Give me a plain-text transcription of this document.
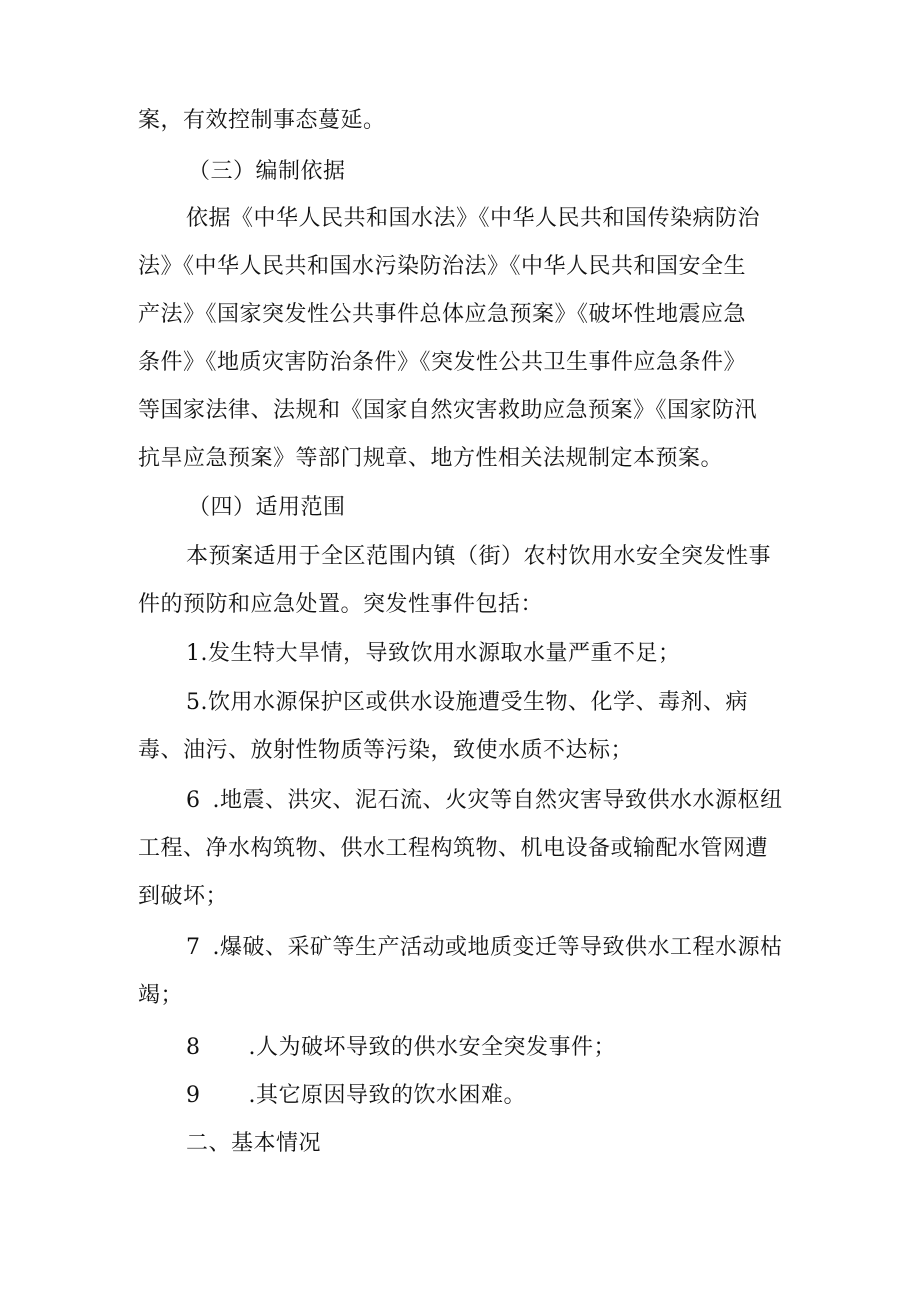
案，有效控制事态蔓延。
（三）编制依据
依据《中华人民共和国水法》《中华人民共和国传染病防治
法》《中华人民共和国水污染防治法》《中华人民共和国安全生
产法》《国家突发性公共事件总体应急预案》《破坏性地震应急
条件》《地质灾害防治条件》《突发性公共卫生事件应急条件》
等国家法律、法规和《国家自然灾害救助应急预案》《国家防汛
抗旱应急预案》等部门规章、地方性相关法规制定本预案。
（四）适用范围
本预案适用于全区范围内镇（街）农村饮用水安全突发性事
件的预防和应急处置。突发性事件包括：
1.发生特大旱情，导致饮用水源取水量严重不足；
5.饮用水源保护区或供水设施遭受生物、化学、毒剂、病
毒、油污、放射性物质等污染，致使水质不达标；
6 .地震、洪灾、泥石流、火灾等自然灾害导致供水水源枢纽
工程、净水构筑物、供水工程构筑物、机电设备或输配水管网遭
到破坏；
7 .爆破、采矿等生产活动或地质变迁等导致供水工程水源枯
竭；
8 .人为破坏导致的供水安全突发事件；
9 .其它原因导致的饮水困难。
二、基本情况
